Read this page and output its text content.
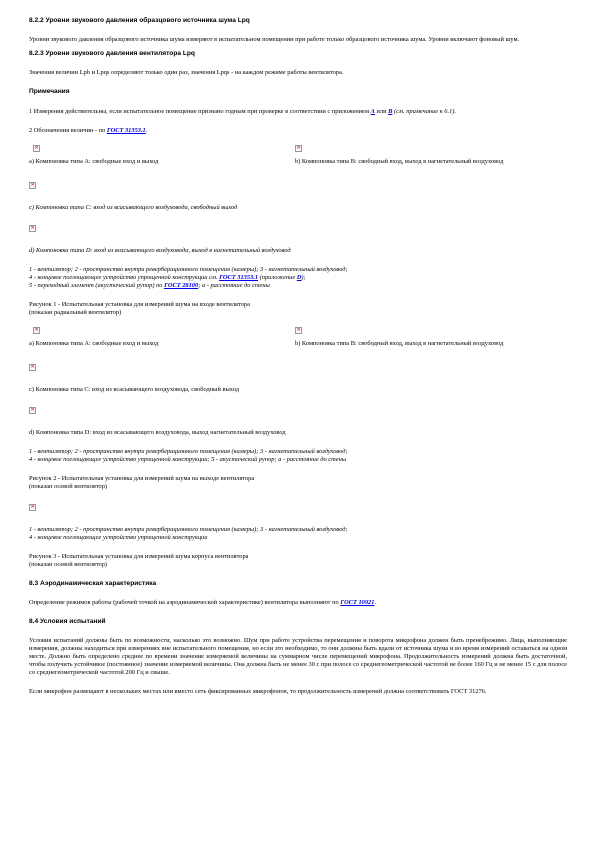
8.2.2 Уровни звукового давления образцового источника шума Lрq

Уровни звукового давления образцового источника шума измеряют в испытательном помещении при работе только образцового источника шума. Уровни включают фоновый шум.

8.2.3 Уровни звукового давления вентилятора Lрq

Значения величин Lрb и Lрqs определяют только один раз, значения Lрqs - на каждом режиме работы вентилятора.

Примечания

1 Измерения действительны, если испытательное помещение признано годным при проверке в соответствии с приложением А или В (см. примечание к 6.1).

2 Обозначения величин - по ГОСТ 31353.1.

✕

а) Компоновка типа А: свободные вход и выход

✕	b) Компоновка типа В: свободный вход, выход в нагнетательный воздуховод

✕

с) Компоновка типа С: вход из всасывающего воздуховода, свободный выход

✕

d) Компоновка типа D: вход из всасывающего воздуховода, выход в нагнетательный воздуховод

1 - вентилятор; 2 - пространство внутри реверберационного помещения (камеры); 3 - нагнетательный воздуховод;

4 - концевое поглощающее устройство упрощенной конструкции см. ГОСТ 31353.1 (приложение D);

5 - переходный элемент (акустический рупор) по ГОСТ 28100; а - расстояние до стены

Рисунок 1 - Испытательная установка для измерений шума на входе вентилятора

(показан радиальный вентилятор)

✕

а) Компоновка типа А: свободные вход и выход

✕	b) Компоновка типа В: свободный вход, выход в нагнетательный воздуховод

✕

с) Компоновка типа С: вход из всасывающего воздуховода, свободный выход

✕

d) Компоновка типа D: вход из всасывающего воздуховода, выход нагнетательный воздуховод

1 - вентилятор; 2 - пространство внутри реверберационного помещения (камеры); 3 - нагнетательный воздуховод;

4 - концевое поглощающее устройство упрощенной конструкции; 5 - акустический рупор; а - расстояние до стены

Рисунок 2 - Испытательная установка для измерений шума на выходе вентилятора

(показан осевой вентилятор)

✕

1 - вентилятор; 2 - пространство внутри реверберационного помещения (камеры); 3 - нагнетательный воздуховод;

4 - концевое поглощающее устройство упрощенной конструкции

Рисунок 3 - Испытательная установка для измерений шума корпуса вентилятора

(показан осевой вентилятор)

8.3 Аэродинамическая характеристика

Определение режимов работы (рабочей точкой на аэродинамической характеристике) вентилятора выполняют по ГОСТ 10921.

8.4 Условия испытаний

Условия испытаний должны быть по возможности, насколько это возможно. Шум при работе устройства перемещения и поворота микрофона должен быть пренебрежимо. Лица, выполняющие измерения, должны находиться при измерениях вне испытательного помещения, но если это необходимо, то они должны быть вдали от источника шума и во время измерений оставаться на одном месте. Должно быть определено среднее по времени значение измеряемой величины на суммарном числе перемещений микрофона. Продолжительность измерений должна быть достаточной, чтобы получить устойчивое (постоянное) значение измеряемой величины. Она должна быть не менее 30 с при полосе со среднегеометрической частотой не более 160 Гц и не менее 15 с для полосе со среднегеометрической частотой 200 Гц и свыше.

Если микрофон размещают в нескольких местах или вместо сеть фиксированных микрофонов, то продолжительность измерений должна соответствовать ГОСТ 31276.
